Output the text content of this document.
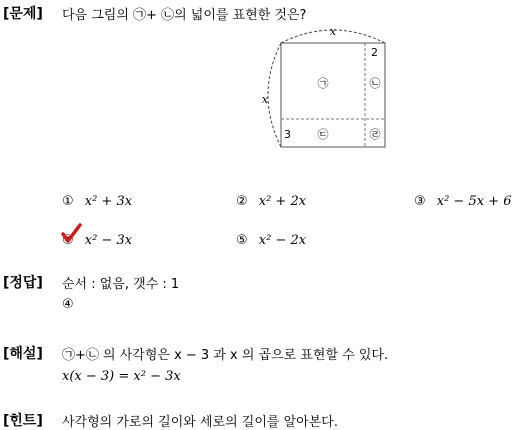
[문제] 다음 그림의 ㉠+ ㉡의 넓이를 표현한 것은?
x
x
2
3
㉠	㉡
㉢	㉣
① x² + 3x	② x² + 2x	③ x² − 5x + 6
④ x² − 3x	⑤ x² − 2x
[정답] 순서 : 없음, 갯수 : 1
④
[해설] ㉠+㉡ 의 사각형은 x − 3 과 x 의 곱으로 표현할 수 있다.
x(x − 3) = x² − 3x
[힌트] 사각형의 가로의 길이와 세로의 길이를 알아본다.
